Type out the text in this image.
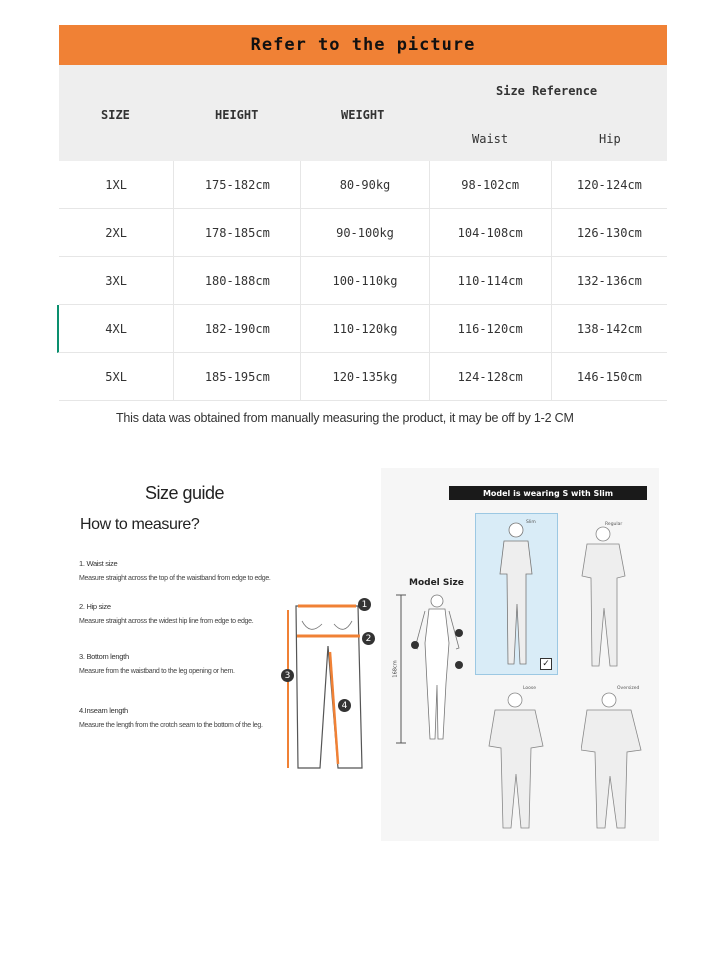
Refer to the picture
SIZE	HEIGHT	WEIGHT
Size Reference
Waist	Hip
1XL	175-182cm	80-90kg	98-102cm	120-124cm
2XL	178-185cm	90-100kg	104-108cm	126-130cm
3XL	180-188cm	100-110kg	110-114cm	132-136cm
4XL	182-190cm	110-120kg	116-120cm	138-142cm
5XL	185-195cm	120-135kg	124-128cm	146-150cm
This data was obtained from manually measuring the product, it may be off by 1-2 CM
Size guide
How to measure?
1. Waist size
Measure straight across the top of the waistband from edge to edge.
2. Hip size
Measure straight across the widest hip line from edge to edge.
3. Bottom length
Measure from the waistband to the leg opening or hem.
4.Inseam length
Measure the length from the crotch seam to the bottom of the leg.
1
2
3
4
Model is wearing S with Slim
Model Size
168cm
Slim
✓
Regular
Loose	Oversized
